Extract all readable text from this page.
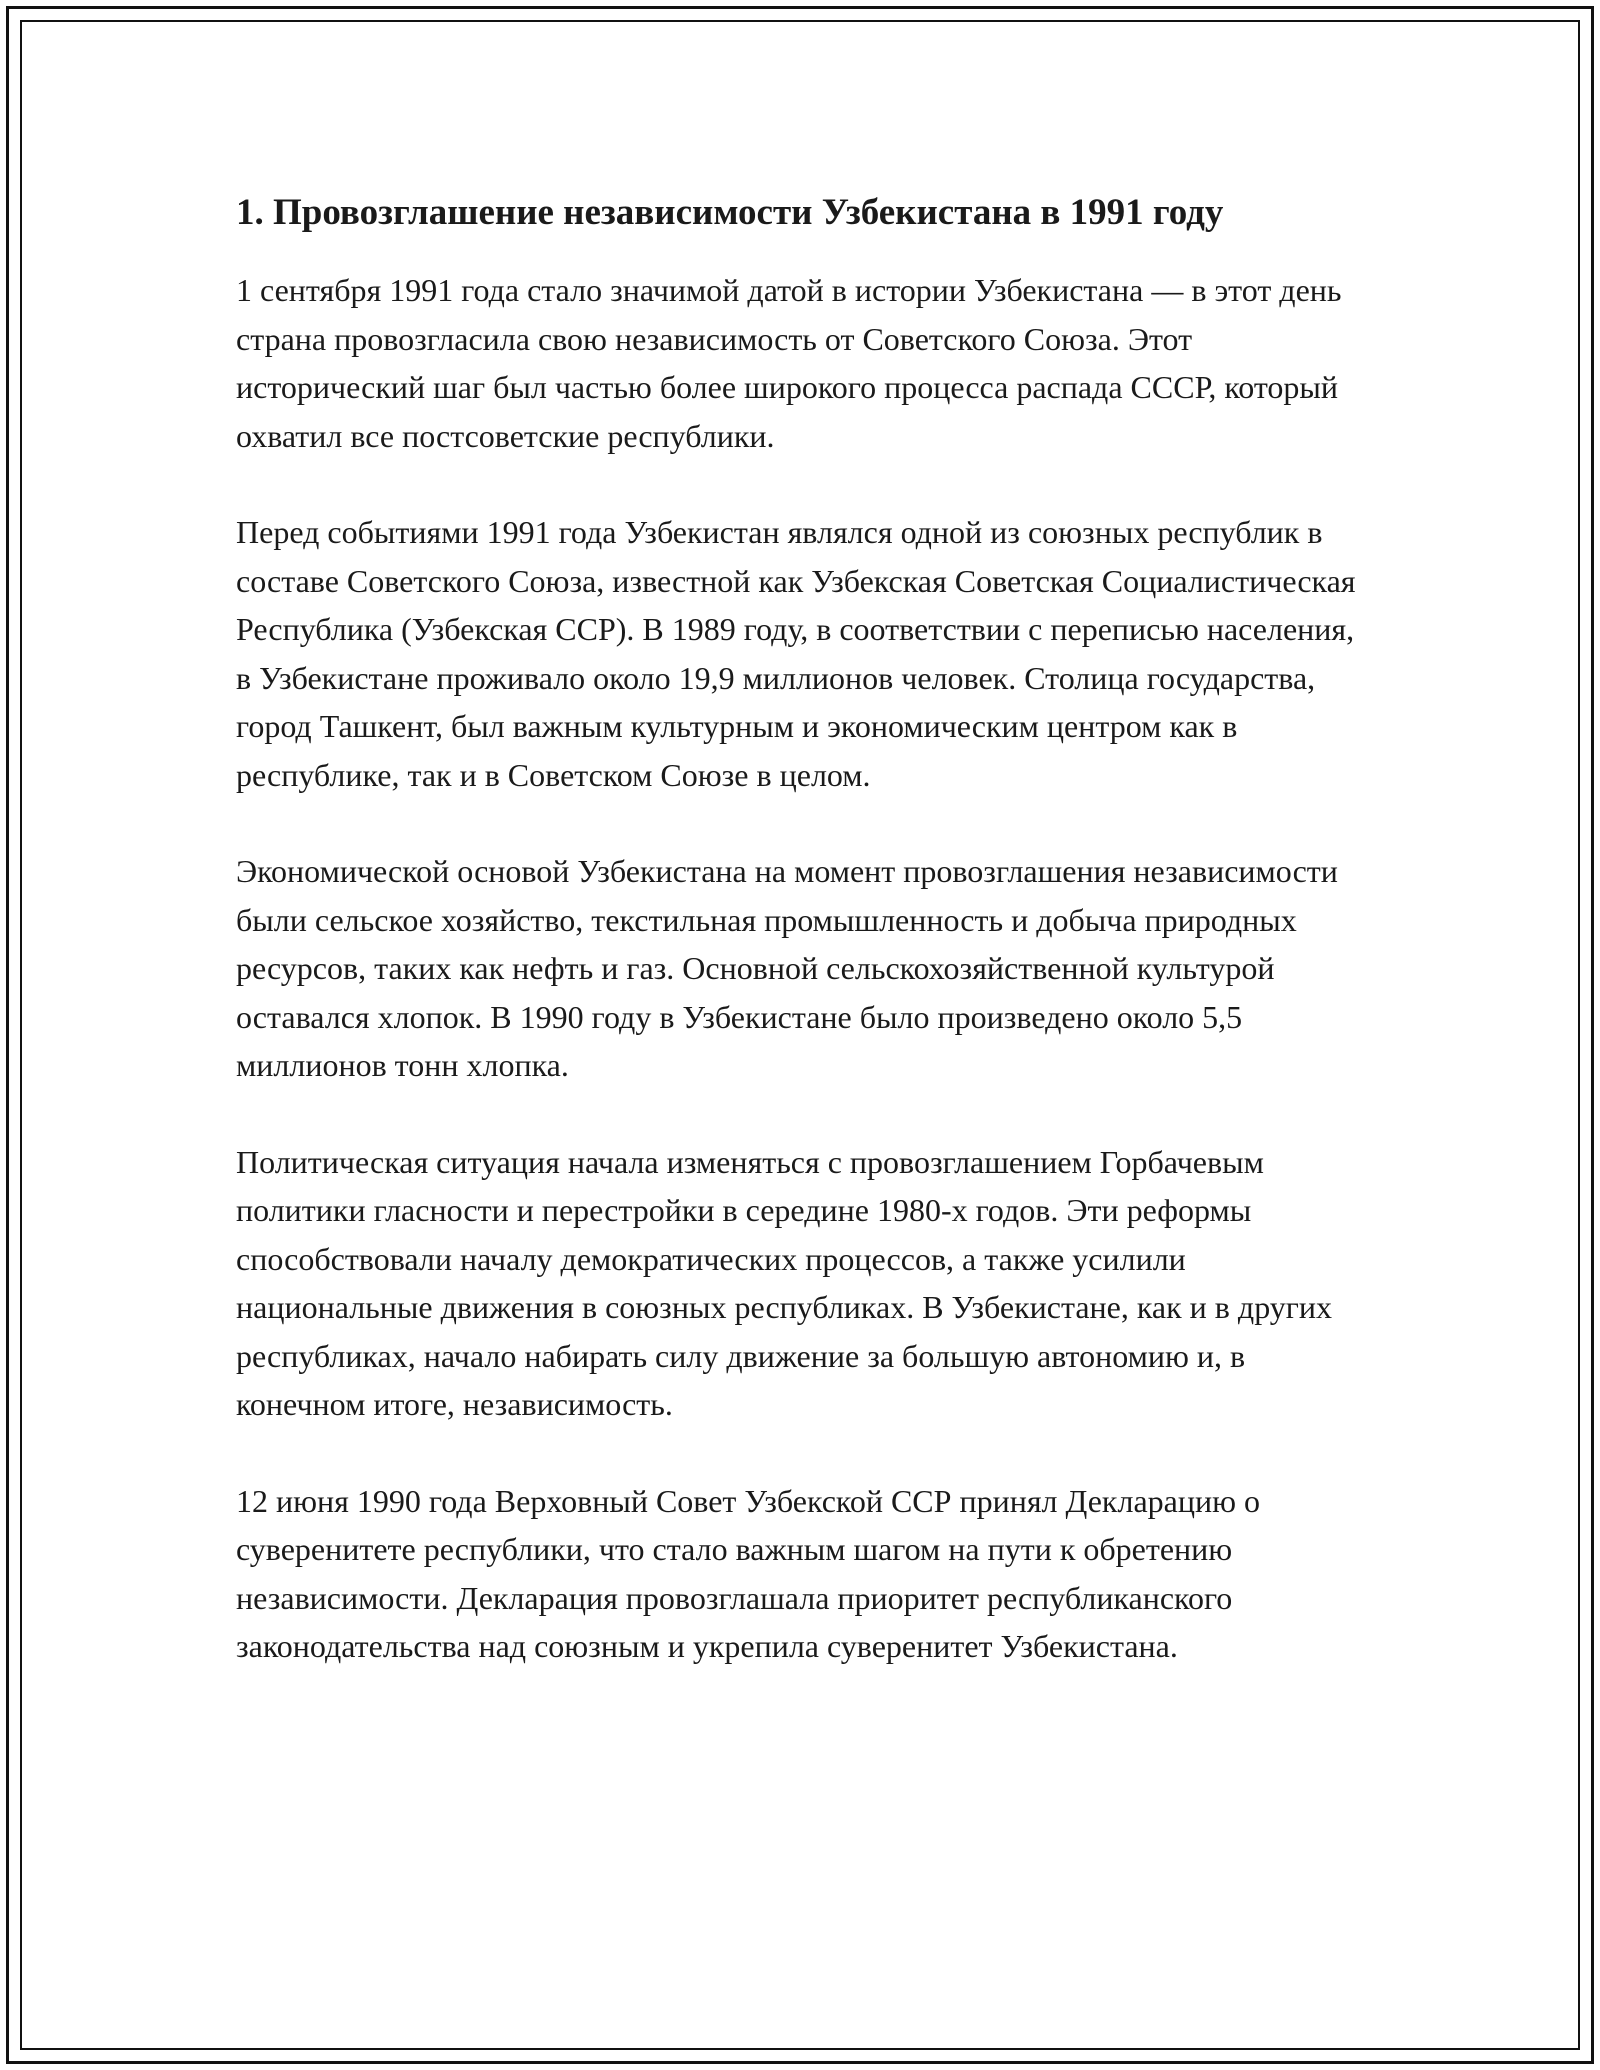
1. Провозглашение независимости Узбекистана в 1991 году

1 сентября 1991 года стало значимой датой в истории Узбекистана — в этот день страна провозгласила свою независимость от Советского Союза. Этот исторический шаг был частью более широкого процесса распада СССР, который охватил все постсоветские республики.

Перед событиями 1991 года Узбекистан являлся одной из союзных республик в составе Советского Союза, известной как Узбекская Советская Социалистическая Республика (Узбекская ССР). В 1989 году, в соответствии с переписью населения, в Узбекистане проживало около 19,9 миллионов человек. Столица государства, город Ташкент, был важным культурным и экономическим центром как в республике, так и в Советском Союзе в целом.

Экономической основой Узбекистана на момент провозглашения независимости были сельское хозяйство, текстильная промышленность и добыча природных ресурсов, таких как нефть и газ. Основной сельскохозяйственной культурой оставался хлопок. В 1990 году в Узбекистане было произведено около 5,5 миллионов тонн хлопка.

Политическая ситуация начала изменяться с провозглашением Горбачевым политики гласности и перестройки в середине 1980-х годов. Эти реформы способствовали началу демократических процессов, а также усилили национальные движения в союзных республиках. В Узбекистане, как и в других республиках, начало набирать силу движение за большую автономию и, в конечном итоге, независимость.

12 июня 1990 года Верховный Совет Узбекской ССР принял Декларацию о суверенитете республики, что стало важным шагом на пути к обретению независимости. Декларация провозглашала приоритет республиканского законодательства над союзным и укрепила суверенитет Узбекистана.
